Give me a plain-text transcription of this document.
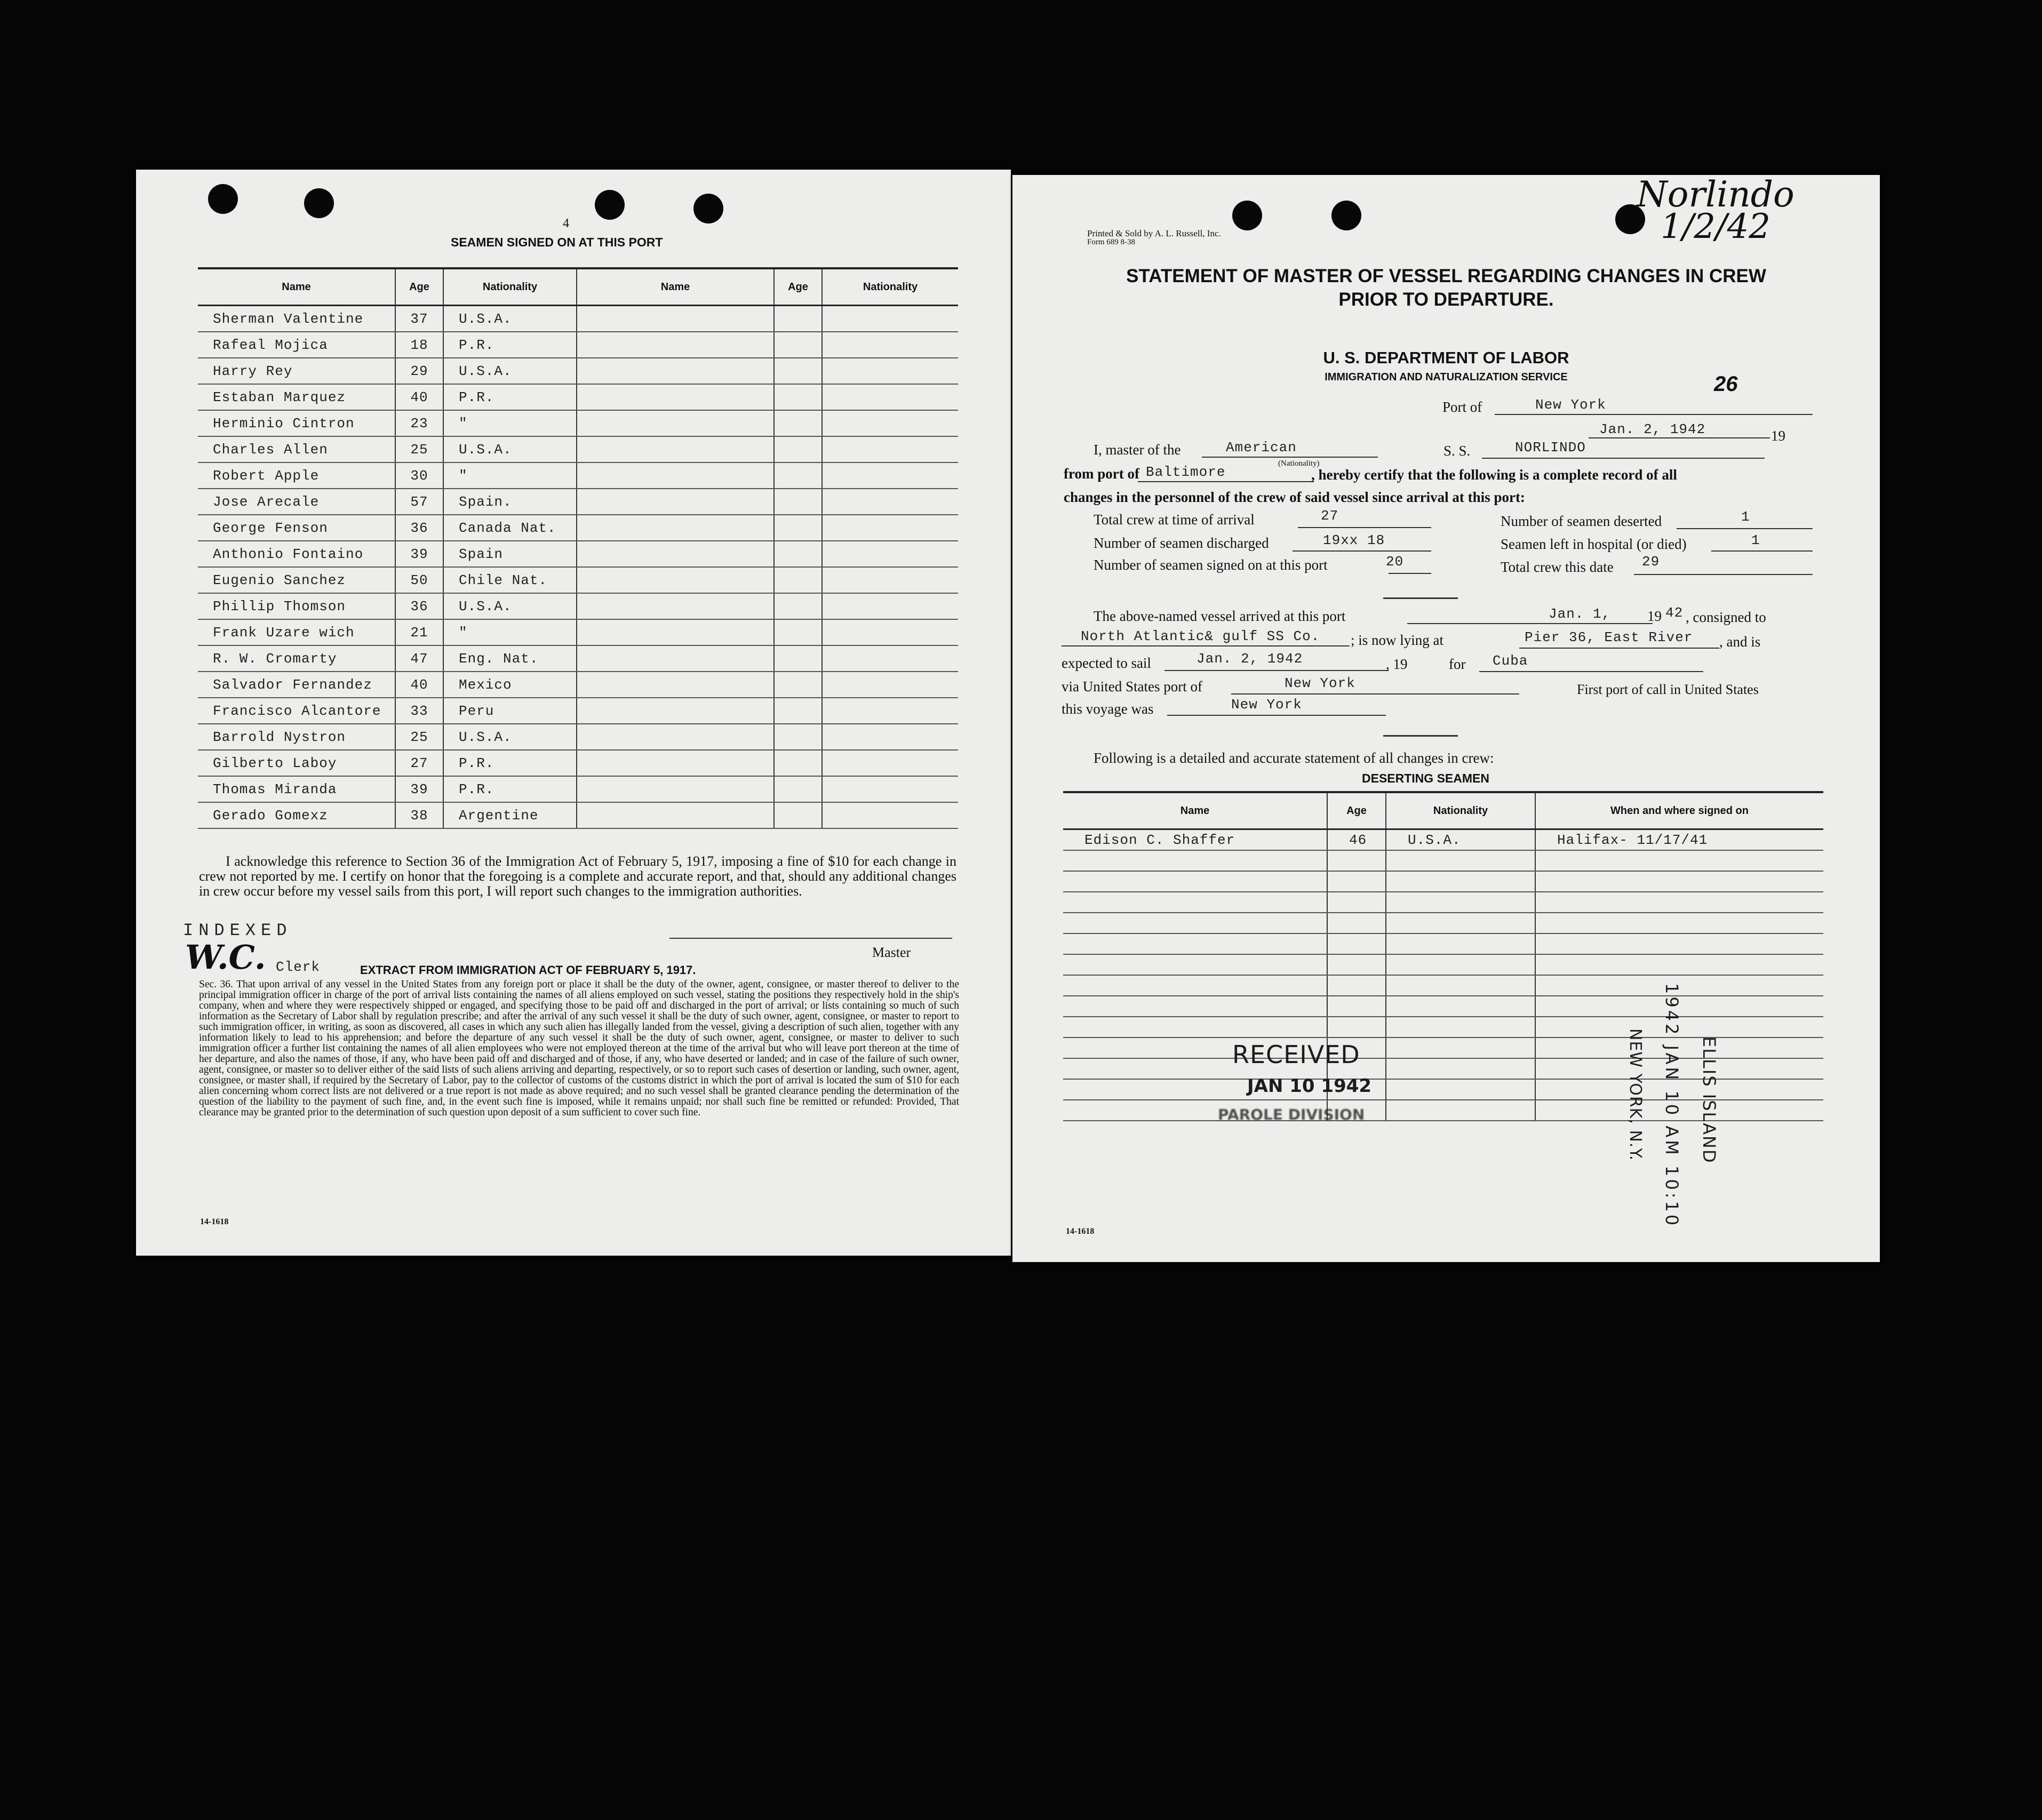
4
SEAMEN SIGNED ON AT THIS PORT
Name	Age	Nationality	Name	Age	Nationality
Sherman Valentine	37	U.S.A.			
Rafeal Mojica	18	P.R.			
Harry Rey	29	U.S.A.			
Estaban Marquez	40	P.R.			
Herminio Cintron	23	"			
Charles Allen	25	U.S.A.			
Robert Apple	30	"			
Jose Arecale	57	Spain.			
George Fenson	36	Canada Nat.			
Anthonio Fontaino	39	Spain			
Eugenio Sanchez	50	Chile Nat.			
Phillip Thomson	36	U.S.A.			
Frank Uzare wich	21	"			
R. W. Cromarty	47	Eng. Nat.			
Salvador Fernandez	40	Mexico			
Francisco Alcantore	33	Peru			
Barrold Nystron	25	U.S.A.			
Gilberto Laboy	27	P.R.			
Thomas Miranda	39	P.R.			
Gerado Gomexz	38	Argentine			
I acknowledge this reference to Section 36 of the Immigration Act of February 5, 1917, imposing a fine of $10 for each change in crew not reported by me. I certify on honor that the foregoing is a complete and accurate report, and that, should any additional changes in crew occur before my vessel sails from this port, I will report such changes to the immigration authorities.
INDEXED
W.C. Clerk
Master
EXTRACT FROM IMMIGRATION ACT OF FEBRUARY 5, 1917.
Sec. 36. That upon arrival of any vessel in the United States from any foreign port or place it shall be the duty of the owner, agent, consignee, or master thereof to deliver to the principal immigration officer in charge of the port of arrival lists containing the names of all aliens employed on such vessel, stating the positions they respectively hold in the ship's company, when and where they were respectively shipped or engaged, and specifying those to be paid off and discharged in the port of arrival; or lists containing so much of such information as the Secretary of Labor shall by regulation prescribe; and after the arrival of any such vessel it shall be the duty of such owner, agent, consignee, or master to report to such immigration officer, in writing, as soon as discovered, all cases in which any such alien has illegally landed from the vessel, giving a description of such alien, together with any information likely to lead to his apprehension; and before the departure of any such vessel it shall be the duty of such owner, agent, consignee, or master to deliver to such immigration officer a further list containing the names of all alien employees who were not employed thereon at the time of the arrival but who will leave port thereon at the time of her departure, and also the names of those, if any, who have been paid off and discharged and of those, if any, who have deserted or landed; and in case of the failure of such owner, agent, consignee, or master so to deliver either of the said lists of such aliens arriving and departing, respectively, or so to report such cases of desertion or landing, such owner, agent, consignee, or master shall, if required by the Secretary of Labor, pay to the collector of customs of the customs district in which the port of arrival is located the sum of $10 for each alien concerning whom correct lists are not delivered or a true report is not made as above required; and no such vessel shall be granted clearance pending the determination of the question of the liability to the payment of such fine, and, in the event such fine is imposed, while it remains unpaid; nor shall such fine be remitted or refunded: Provided, That clearance may be granted prior to the determination of such question upon deposit of a sum sufficient to cover such fine.
14-1618
Printed & Sold by A. L. Russell, Inc.
Form 689 8-38
Norlindo
1/2/42
STATEMENT OF MASTER OF VESSEL REGARDING CHANGES IN CREW
PRIOR TO DEPARTURE.
U. S. DEPARTMENT OF LABOR
IMMIGRATION AND NATURALIZATION SERVICE	26
Port of	New York
Jan. 2, 1942	19
I, master of the	American
(Nationality)
S. S.	NORLINDO
from port of Baltimore	, hereby certify that the following is a complete record of all
changes in the personnel of the crew of said vessel since arrival at this port:
Total crew at time of arrival	27	Number of seamen deserted	1
Number of seamen discharged	19xx 18	Seamen left in hospital (or died)	1
Number of seamen signed on at this port	20	Total crew this date 29
The above-named vessel arrived at this port	Jan. 1,	19 42 , consigned to
North Atlantic& gulf SS Co. ; is now lying at	Pier 36, East River , and is
expected to sail	Jan. 2, 1942	, 19	for Cuba
via United States port of	New York	First port of call in United States
this voyage was	New York
Following is a detailed and accurate statement of all changes in crew:
DESERTING SEAMEN
Name	Age	Nationality	When and where signed on
Edison C. Shaffer	46	U.S.A.	Halifax- 11/17/41

RECEIVED
JAN 10 1942
PAROLE DIVISION	ELLIS ISLAND
1942 JAN 10 AM 10:10
NEW YORK, N.Y.
14-1618
